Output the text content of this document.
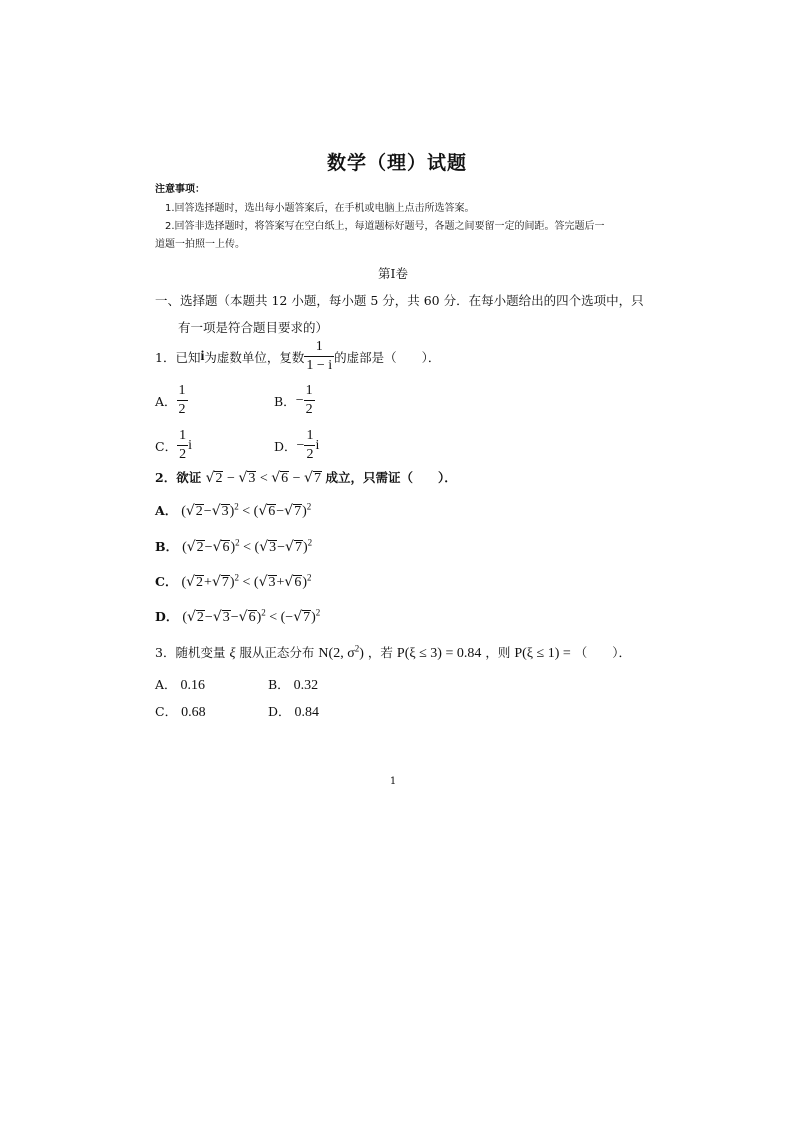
数学（理）试题
注意事项：
1.回答选择题时，选出每小题答案后，在手机或电脑上点击所选答案。
2.回答非选择题时，将答案写在空白纸上，每道题标好题号，各题之间要留一定的间距。答完题后一
道题一拍照一上传。
第Ⅰ卷
一、选择题（本题共 12 小题，每小题 5 分，共 60 分．在每小题给出的四个选项中，只
有一项是符合题目要求的）
1．已知 i 为虚数单位，复数 $\frac{1}{1 - i}$ 的虚部是（　　）．
A． $\frac{1}{2}$	B． − $\frac{1}{2}$
C． $\frac{1}{2}$ i	D． − $\frac{1}{2}$ i
2．欲证 √2 − √3 < √6 − √7 成立，只需证（　　）．
A． $(√2-√3)^2 < (√6-√7)^2$
B． $(√2-√6)^2 < (√3-√7)^2$
C． $(√2+√7)^2 < (√3+√6)^2$
D． $(√2-√3-√6)^2 < (-√7)^2$
3．随机变量 ξ 服从正态分布 N(2, $\sigma^2$) ，若 P(ξ ≤ 3) = 0.84 ，则 P(ξ ≤ 1) = （　　）．
A． 0.16	B． 0.32
C． 0.68	D． 0.84
1
